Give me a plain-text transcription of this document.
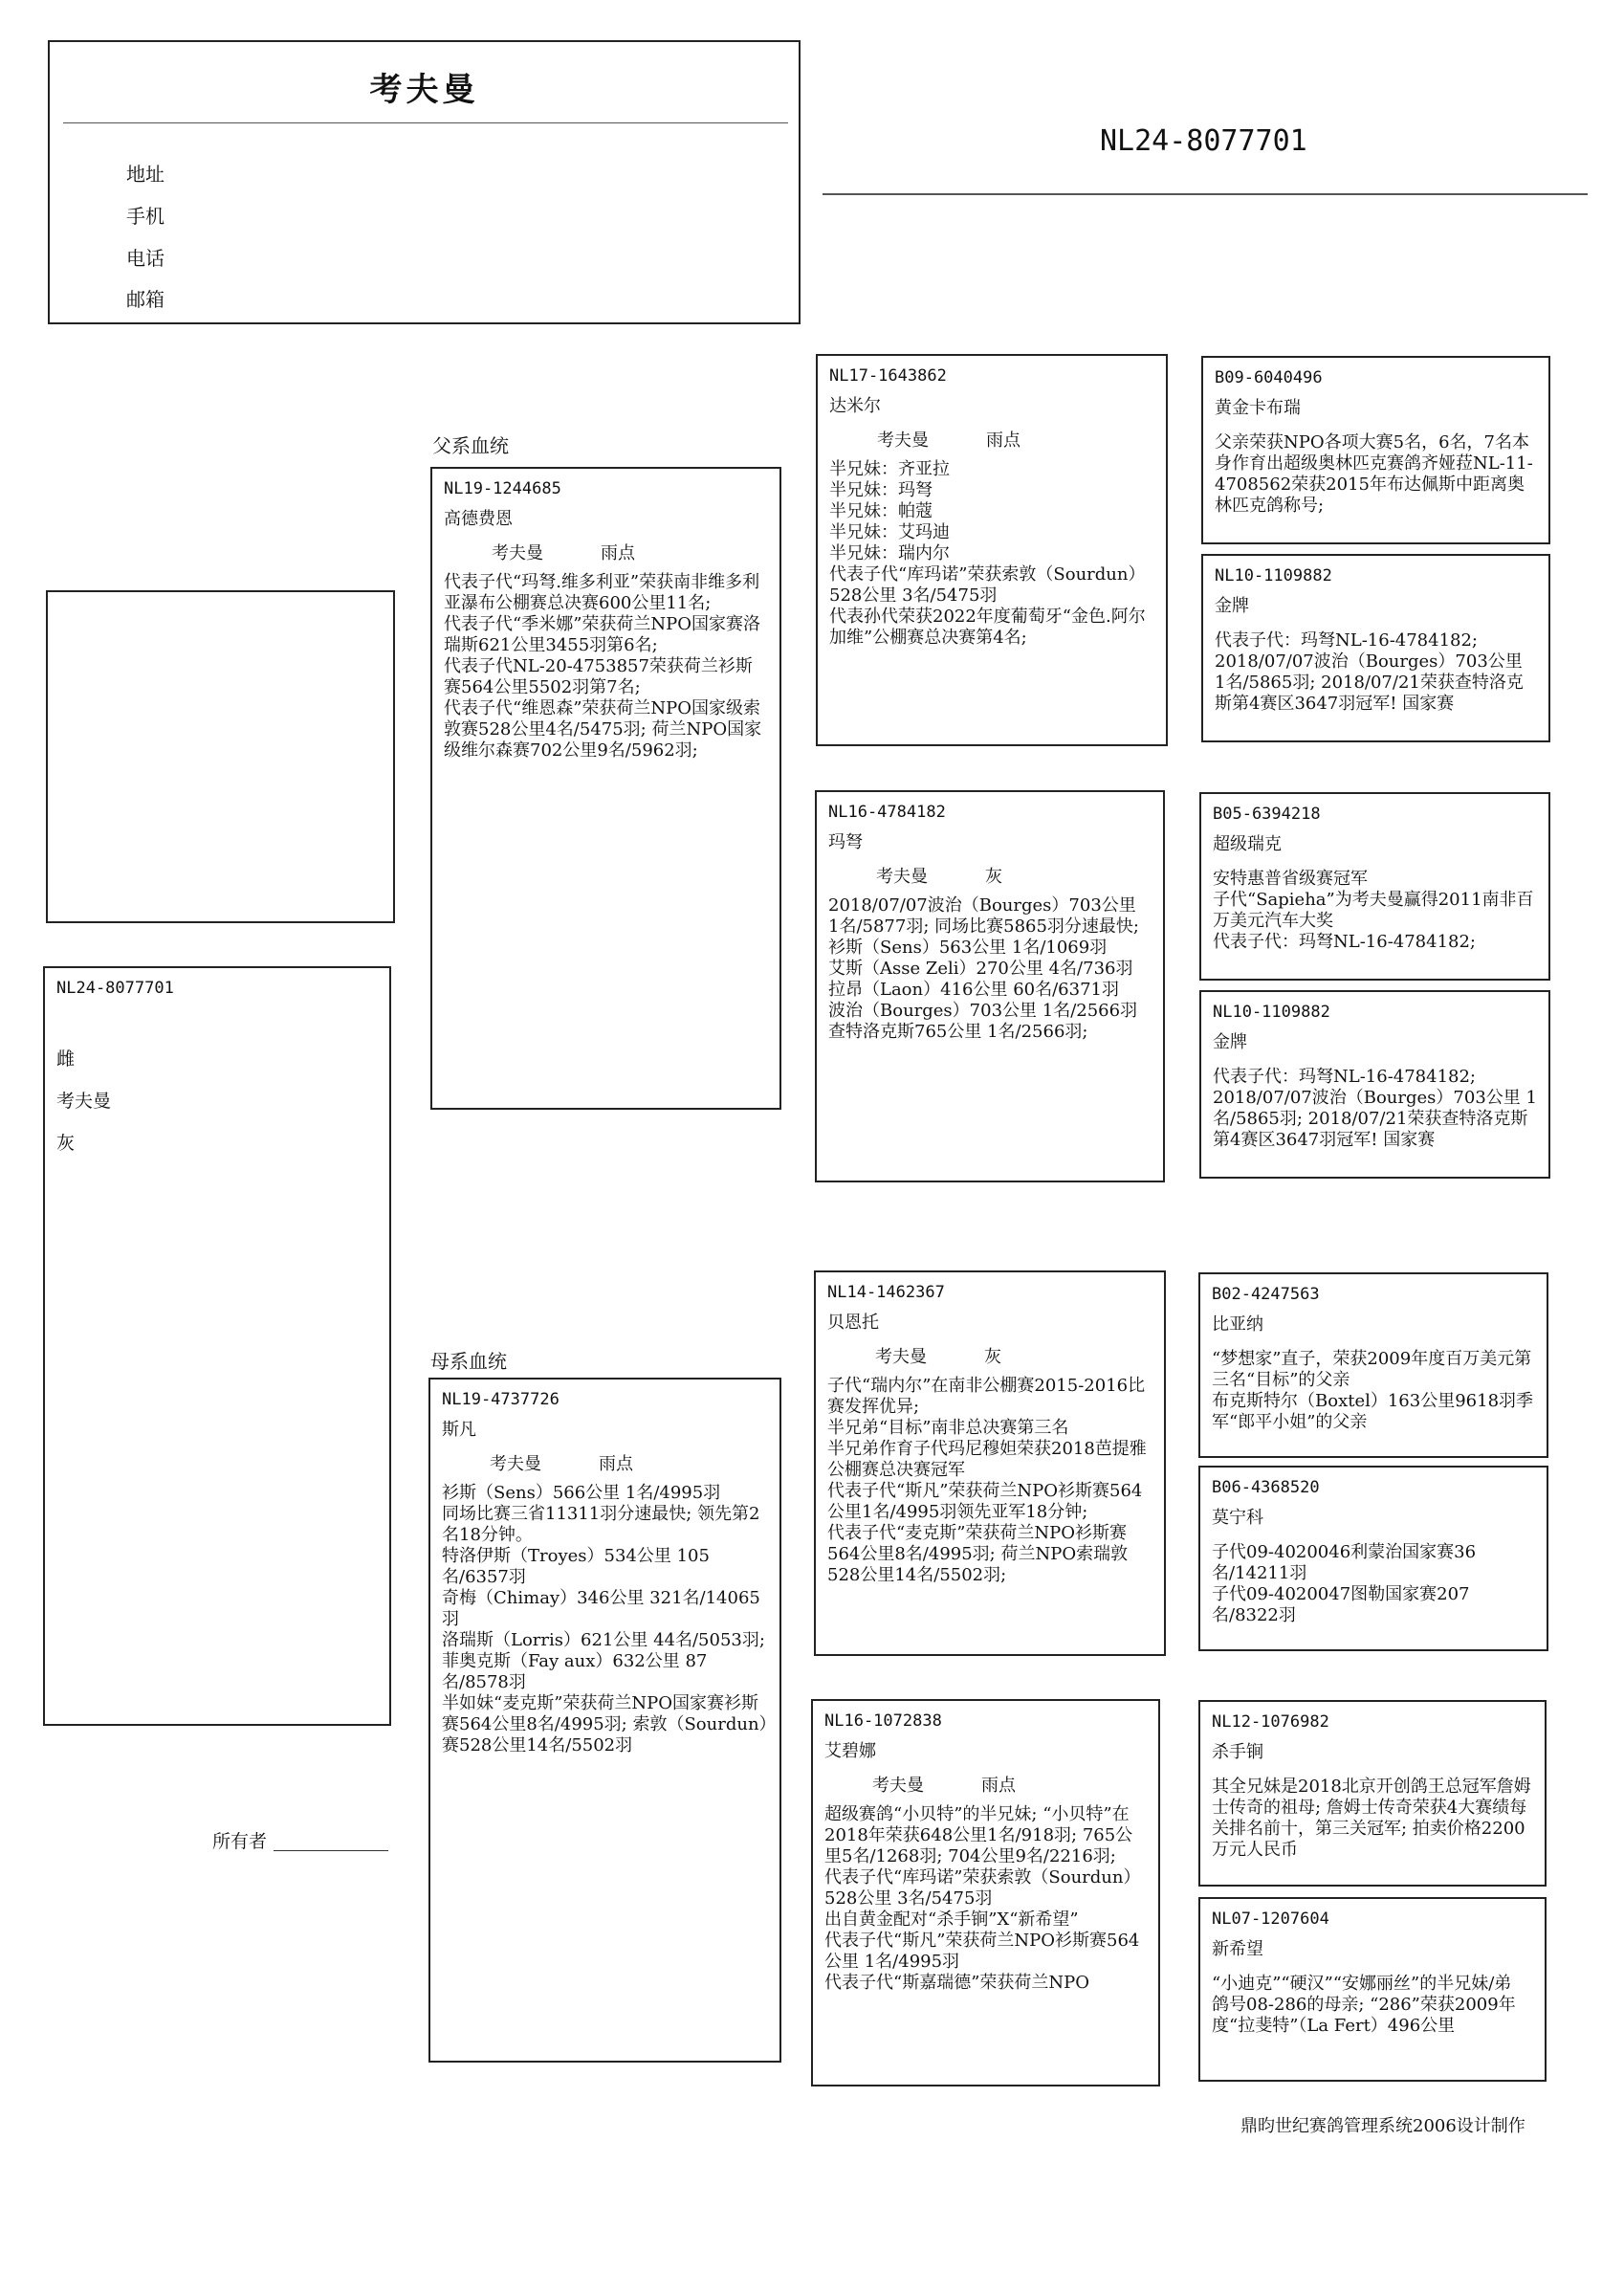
考夫曼
地址
手机
电话
邮箱
NL24-8077701
NL24-8077701
雌
考夫曼
灰
所有者
父系血统
母系血统
NL19-1244685
高德费恩
考夫曼	雨点
代表子代“玛弩.维多利亚”荣获南非维多利亚瀑布公棚赛总决赛600公里11名;
代表子代“季米娜”荣获荷兰NPO国家赛洛瑞斯621公里3455羽第6名;
代表子代NL-20-4753857荣获荷兰衫斯赛564公里5502羽第7名;
代表子代“维恩森”荣获荷兰NPO国家级索敦赛528公里4名/5475羽; 荷兰NPO国家级维尔森赛702公里9名/5962羽;
NL19-4737726
斯凡
考夫曼	雨点
衫斯（Sens）566公里 1名/4995羽
同场比赛三省11311羽分速最快; 领先第2名18分钟。
特洛伊斯（Troyes）534公里 105名/6357羽
奇梅（Chimay）346公里 321名/14065羽
洛瑞斯（Lorris）621公里 44名/5053羽;
菲奥克斯（Fay aux）632公里 87名/8578羽
半如妹“麦克斯”荣获荷兰NPO国家赛衫斯赛564公里8名/4995羽; 索敦（Sourdun）赛528公里14名/5502羽
NL17-1643862
达米尔
考夫曼	雨点
半兄妹：齐亚拉
半兄妹：玛弩
半兄妹：帕蔻
半兄妹：艾玛迪
半兄妹：瑞内尔
代表子代“库玛诺”荣获索敦（Sourdun）528公里 3名/5475羽
代表孙代荣获2022年度葡萄牙“金色.阿尔加维”公棚赛总决赛第4名;
NL16-4784182
玛弩
考夫曼	灰
2018/07/07波治（Bourges）703公里 1名/5877羽; 同场比赛5865羽分速最快;
衫斯（Sens）563公里 1名/1069羽
艾斯（Asse Zeli）270公里 4名/736羽
拉昂（Laon）416公里 60名/6371羽
波治（Bourges）703公里 1名/2566羽
查特洛克斯765公里 1名/2566羽;
NL14-1462367
贝恩托
考夫曼	灰
子代“瑞内尔”在南非公棚赛2015-2016比赛发挥优异;
半兄弟“目标”南非总决赛第三名
半兄弟作育子代玛尼穆妲荣获2018芭提雅公棚赛总决赛冠军
代表子代“斯凡”荣获荷兰NPO衫斯赛564公里1名/4995羽领先亚军18分钟;
代表子代“麦克斯”荣获荷兰NPO衫斯赛564公里8名/4995羽; 荷兰NPO索瑞敦528公里14名/5502羽;
NL16-1072838
艾碧娜
考夫曼	雨点
超级赛鸽“小贝特”的半兄妹; “小贝特”在2018年荣获648公里1名/918羽; 765公里5名/1268羽; 704公里9名/2216羽;
代表子代“库玛诺”荣获索敦（Sourdun）528公里 3名/5475羽
出自黄金配对“杀手锏”X“新希望”
代表子代“斯凡”荣获荷兰NPO衫斯赛564公里 1名/4995羽
代表子代“斯嘉瑞德”荣获荷兰NPO
B09-6040496
黄金卡布瑞
父亲荣获NPO各项大赛5名，6名，7名本身作育出超级奥林匹克赛鸽齐娅菈NL-11-4708562荣获2015年布达佩斯中距离奥林匹克鸽称号;
NL10-1109882
金牌
代表子代：玛弩NL-16-4784182;
2018/07/07波治（Bourges）703公里 1名/5865羽; 2018/07/21荣获查特洛克斯第4赛区3647羽冠军! 国家赛
B05-6394218
超级瑞克
安特惠普省级赛冠军
子代“Sapieha”为考夫曼赢得2011南非百万美元汽车大奖
代表子代：玛弩NL-16-4784182;
NL10-1109882
金牌
代表子代：玛弩NL-16-4784182;
2018/07/07波治（Bourges）703公里 1名/5865羽; 2018/07/21荣获查特洛克斯第4赛区3647羽冠军! 国家赛
B02-4247563
比亚纳
“梦想家”直子，荣获2009年度百万美元第三名“目标”的父亲
布克斯特尔（Boxtel）163公里9618羽季军“郎平小姐”的父亲
B06-4368520
莫宁科
子代09-4020046利蒙治国家赛36名/14211羽
子代09-4020047图勒国家赛207名/8322羽
NL12-1076982
杀手锏
其全兄妹是2018北京开创鸽王总冠军詹姆士传奇的祖母; 詹姆士传奇荣获4大赛绩每关排名前十，第三关冠军; 拍卖价格2200万元人民币
NL07-1207604
新希望
“小迪克”“硬汉”“安娜丽丝”的半兄妹/弟
鸽号08-286的母亲; “286”荣获2009年度“拉斐特”（La Fert）496公里
鼎昀世纪赛鸽管理系统2006设计制作
